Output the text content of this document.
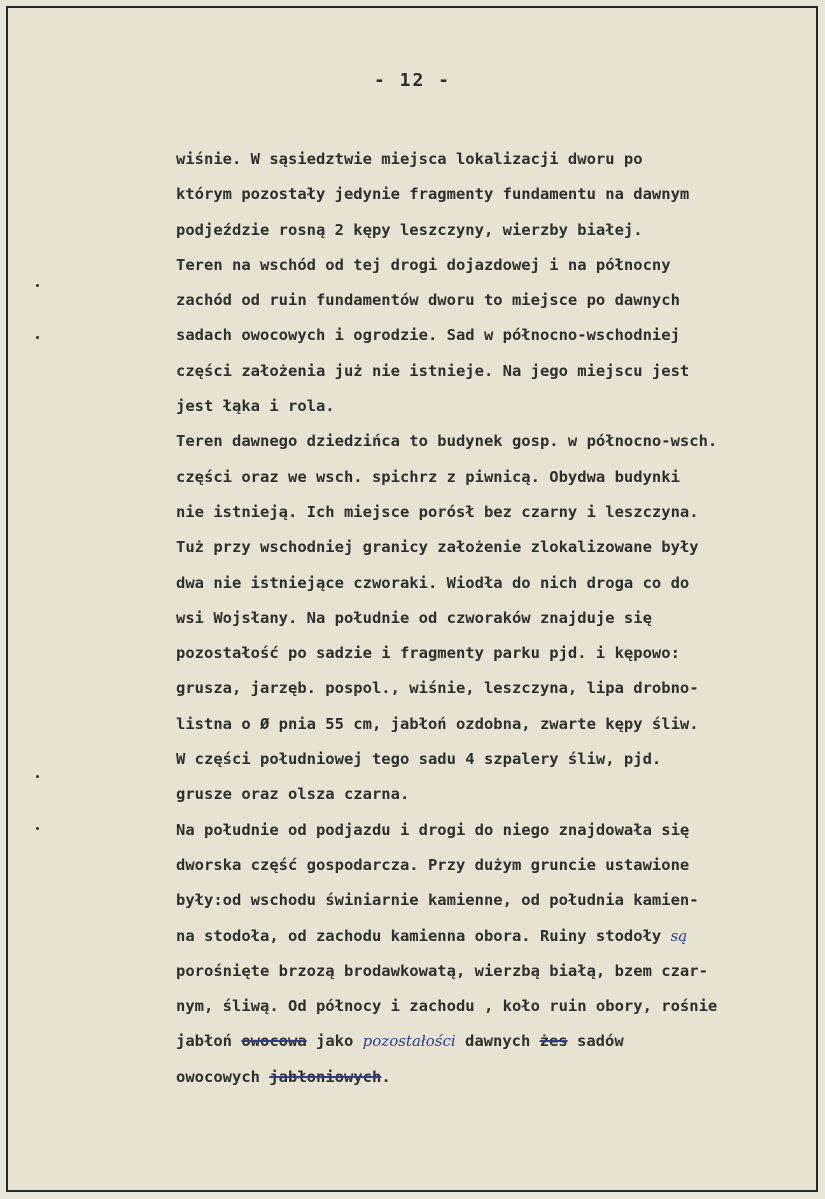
- 12 -
wiśnie. W sąsiedztwie miejsca lokalizacji dworu po
którym pozostały jedynie fragmenty fundamentu na dawnym
podjeździe rosną 2 kępy leszczyny, wierzby białej.
Teren na wschód od tej drogi dojazdowej i na północny
zachód od ruin fundamentów dworu to miejsce po dawnych
sadach owocowych i ogrodzie. Sad w północno-wschodniej
części założenia już nie istnieje. Na jego miejscu jest
jest łąka i rola.
Teren dawnego dziedzińca to budynek gosp. w północno-wsch.
części oraz we wsch. spichrz z piwnicą. Obydwa budynki
nie istnieją. Ich miejsce porósł bez czarny i leszczyna.
Tuż przy wschodniej granicy założenie zlokalizowane były
dwa nie istniejące czworaki. Wiodła do nich droga co do
wsi Wojsłany. Na południe od czworaków znajduje się
pozostałość po sadzie i fragmenty parku pjd. i kępowo:
grusza, jarzęb. pospol., wiśnie, leszczyna, lipa drobno-
listna o Ø pnia 55 cm, jabłoń ozdobna, zwarte kępy śliw.
W części południowej tego sadu 4 szpalery śliw, pjd.
grusze oraz olsza czarna.
Na południe od podjazdu i drogi do niego znajdowała się
dworska część gospodarcza. Przy dużym gruncie ustawione
były:od wschodu świniarnie kamienne, od południa kamien-
na stodoła, od zachodu kamienna obora. Ruiny stodoły są
porośnięte brzozą brodawkowatą, wierzbą białą, bzem czar-
nym, śliwą. Od północy i zachodu , koło ruin obory, rośnie
jabłoń owocowa jako pozostałości dawnych żes sadów
owocowych jabłoniowych.
